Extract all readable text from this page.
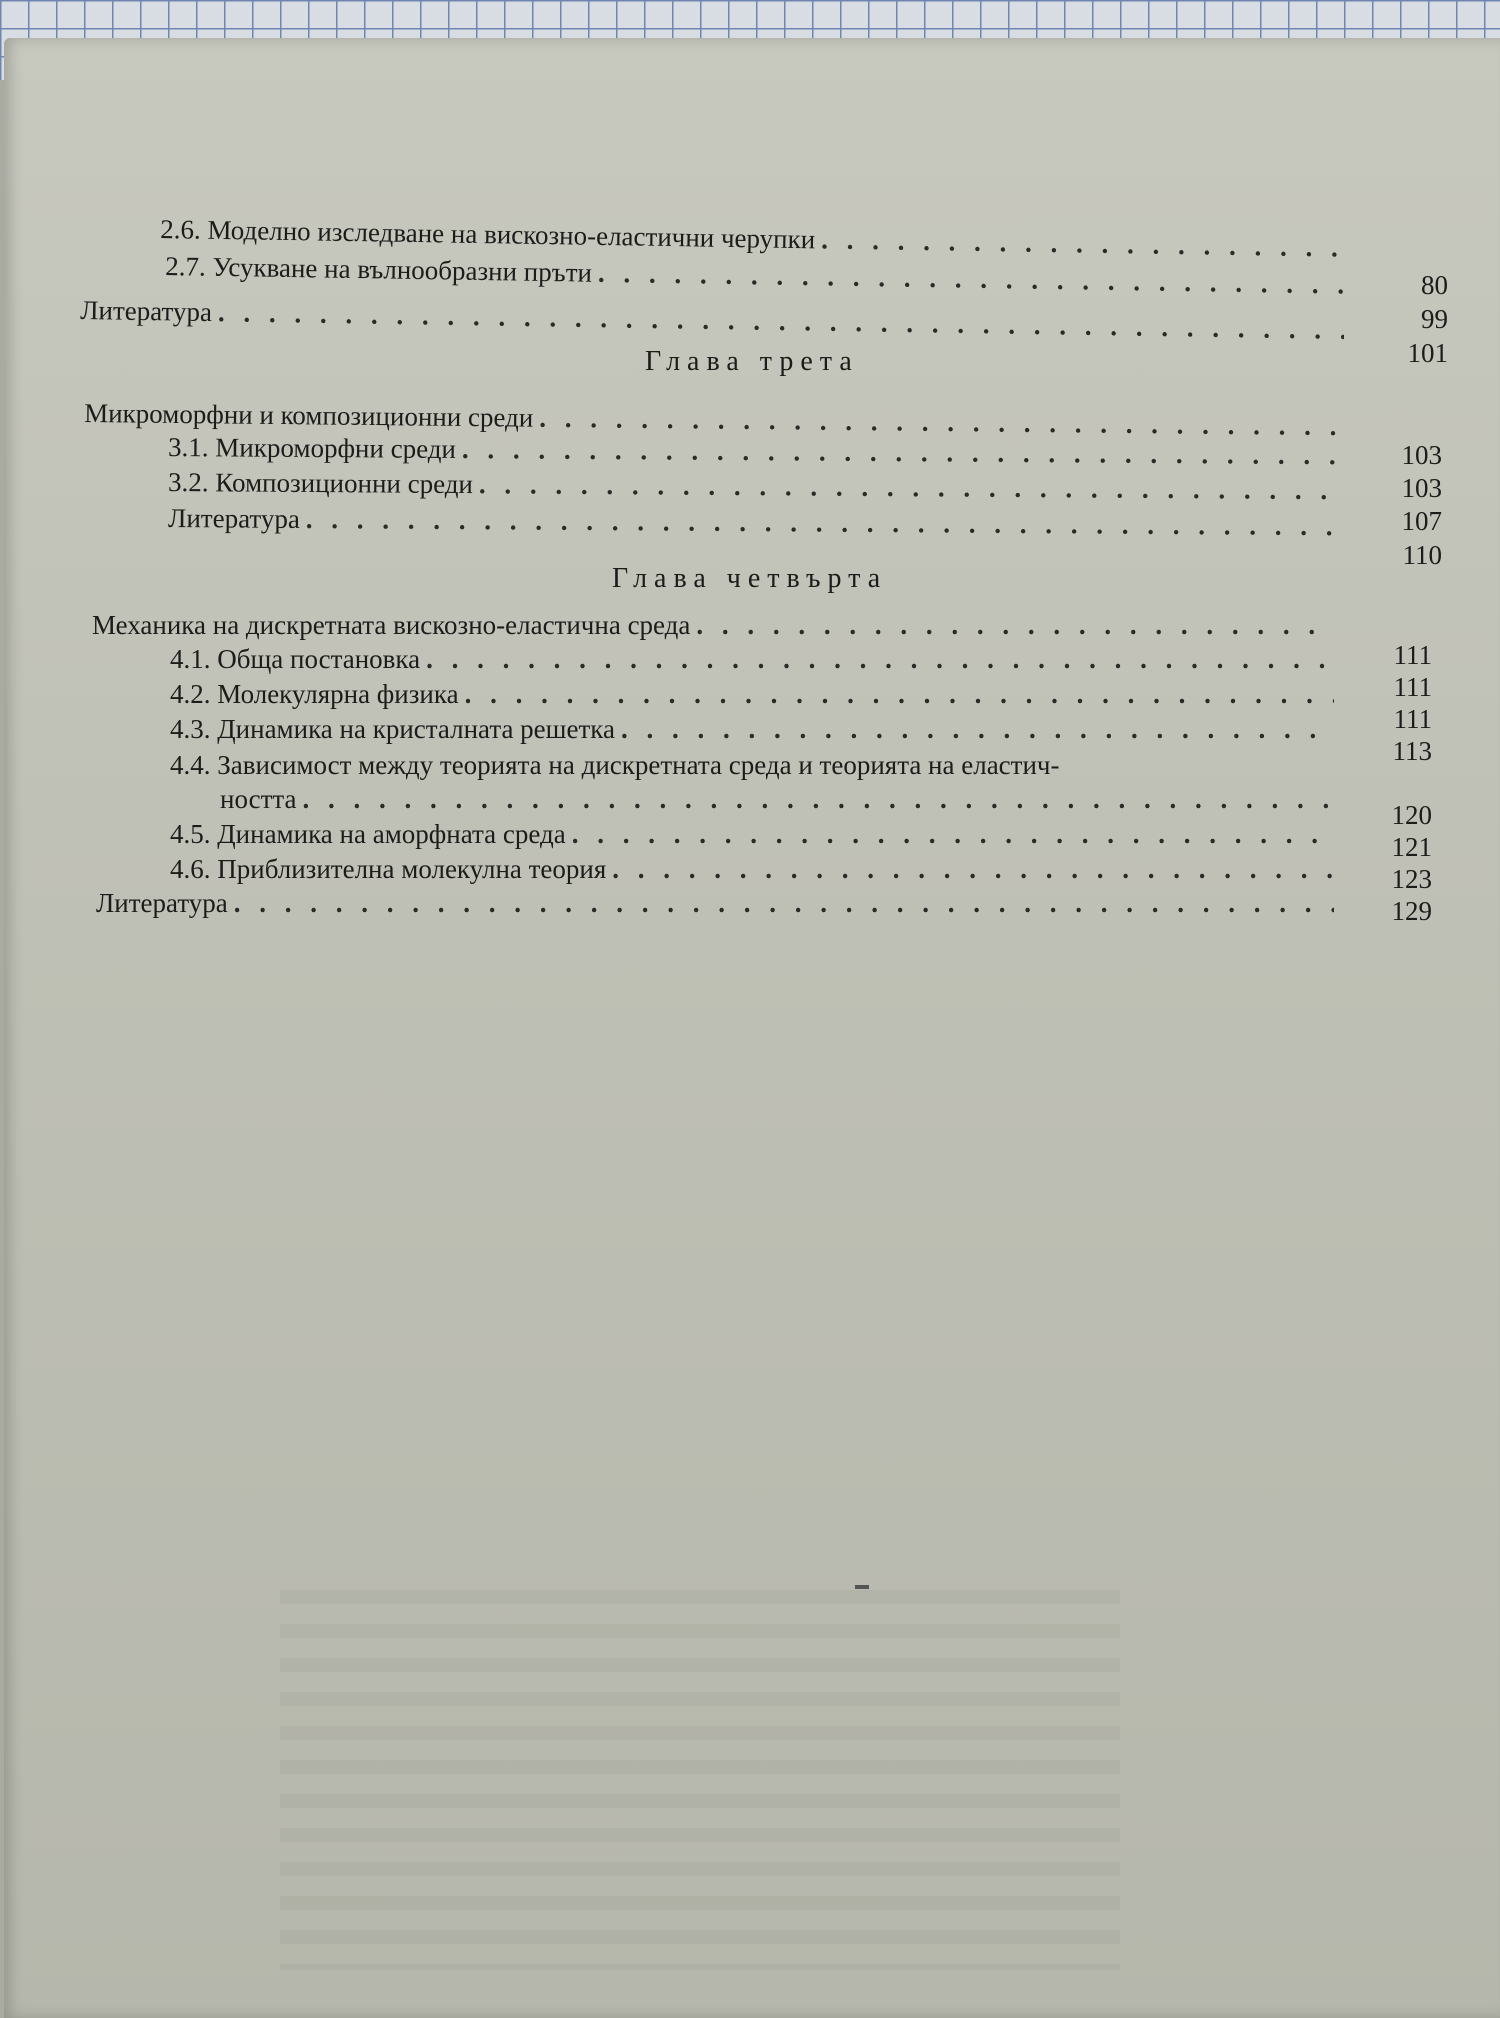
2.6. Моделно изследване на вискозно-еластични черупки
. . .
2.7. Усукване на вълнообразни пръти
. . .
Литература
. . .
Глава трета
Микроморфни и композиционни среди
. . .
3.1. Микроморфни среди
. . .
3.2. Композиционни среди
. . .
Литература
. . .
Глава четвърта
Механика на дискретната вискозно-еластична среда
. . .
4.1. Обща постановка
. . .
4.2. Молекулярна физика
. . .
4.3. Динамика на кристалната решетка
. . .
4.4. Зависимост между теорията на дискретната среда и теорията на еластич-
ността
. . .
4.5. Динамика на аморфната среда
. . .
4.6. Приблизителна молекулна теория
. . .
Литература
. . .
80
99
101
103
103
107
110
111
111
111
113
120
121
123
129
